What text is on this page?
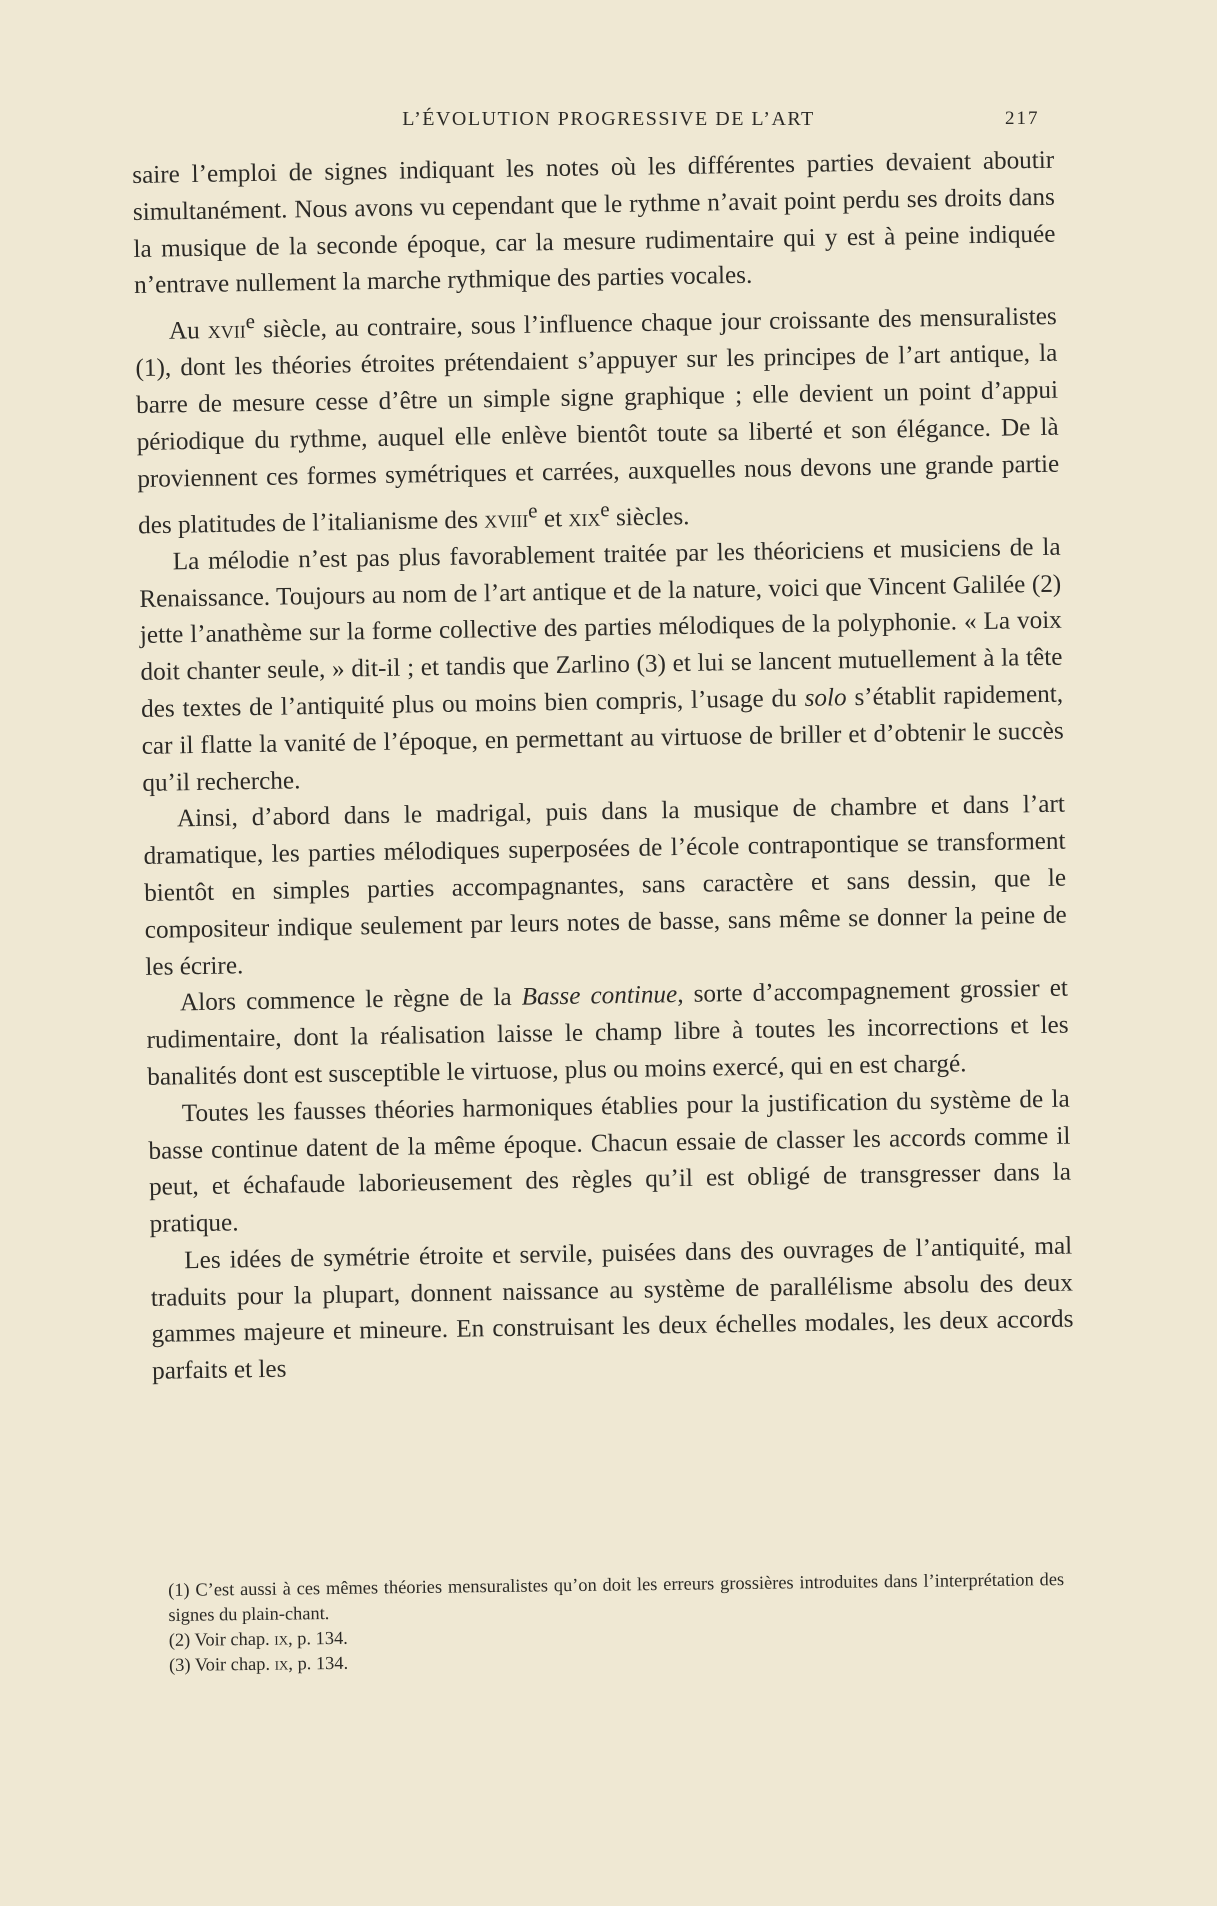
L’ÉVOLUTION PROGRESSIVE DE L’ART	217

saire l’emploi de signes indiquant les notes où les différentes parties devaient aboutir simultanément. Nous avons vu cependant que le rythme n’avait point perdu ses droits dans la musique de la seconde époque, car la mesure rudimentaire qui y est à peine indiquée n’entrave nullement la marche rythmique des parties vocales.

Au xvii$^e$ siècle, au contraire, sous l’influence chaque jour croissante des mensuralistes (1), dont les théories étroites prétendaient s’appuyer sur les principes de l’art antique, la barre de mesure cesse d’être un simple signe graphique ; elle devient un point d’appui périodique du rythme, auquel elle enlève bientôt toute sa liberté et son élégance. De là proviennent ces formes symétriques et carrées, auxquelles nous devons une grande partie des platitudes de l’italianisme des xviii$^e$ et xix$^e$ siècles.

La mélodie n’est pas plus favorablement traitée par les théoriciens et musiciens de la Renaissance. Toujours au nom de l’art antique et de la nature, voici que Vincent Galilée (2) jette l’anathème sur la forme collective des parties mélodiques de la polyphonie. « La voix doit chanter seule, » dit-il ; et tandis que Zarlino (3) et lui se lancent mutuellement à la tête des textes de l’antiquité plus ou moins bien compris, l’usage du solo s’établit rapidement, car il flatte la vanité de l’époque, en permettant au virtuose de briller et d’obtenir le succès qu’il recherche.

Ainsi, d’abord dans le madrigal, puis dans la musique de chambre et dans l’art dramatique, les parties mélodiques superposées de l’école contrapontique se transforment bientôt en simples parties accompagnantes, sans caractère et sans dessin, que le compositeur indique seulement par leurs notes de basse, sans même se donner la peine de les écrire.

Alors commence le règne de la Basse continue, sorte d’accompagnement grossier et rudimentaire, dont la réalisation laisse le champ libre à toutes les incorrections et les banalités dont est susceptible le virtuose, plus ou moins exercé, qui en est chargé.

Toutes les fausses théories harmoniques établies pour la justification du système de la basse continue datent de la même époque. Chacun essaie de classer les accords comme il peut, et échafaude laborieusement des règles qu’il est obligé de transgresser dans la pratique.

Les idées de symétrie étroite et servile, puisées dans des ouvrages de l’antiquité, mal traduits pour la plupart, donnent naissance au système de parallélisme absolu des deux gammes majeure et mineure. En construisant les deux échelles modales, les deux accords parfaits et les

(1) C’est aussi à ces mêmes théories mensuralistes qu’on doit les erreurs grossières introduites dans l’interprétation des signes du plain-chant.

(2) Voir chap. ix, p. 134.

(3) Voir chap. ix, p. 134.
